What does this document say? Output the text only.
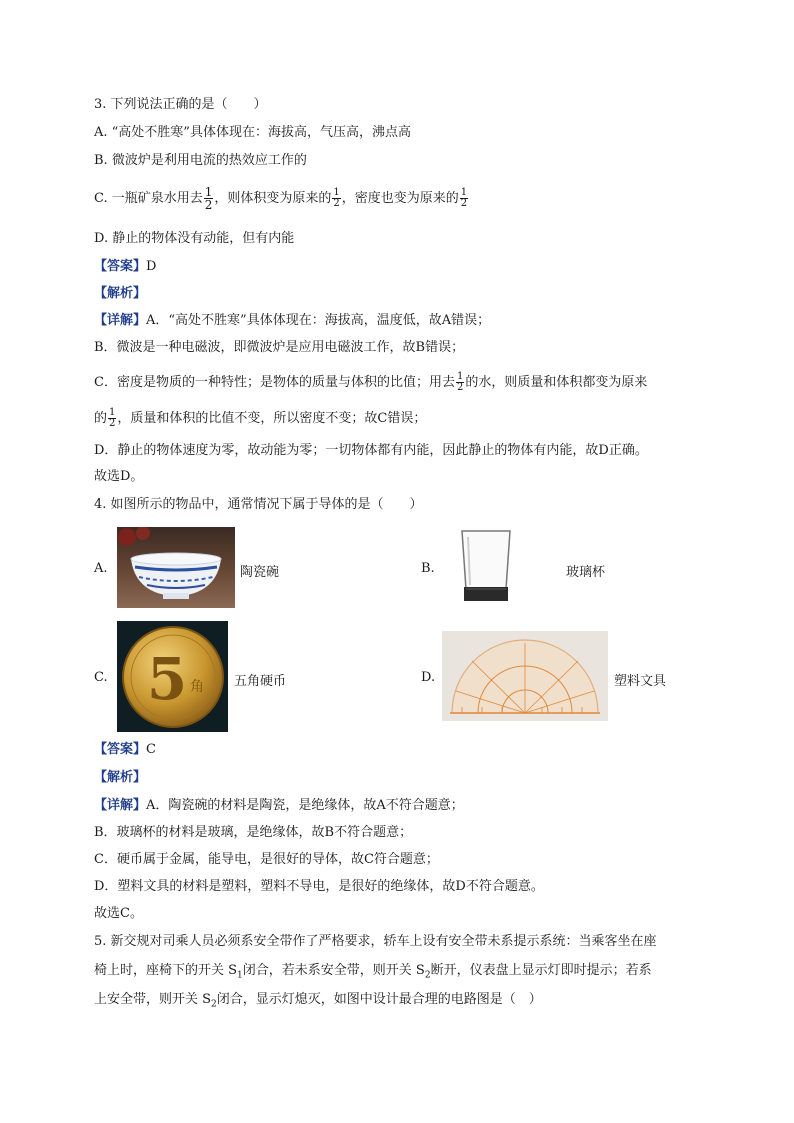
3. 下列说法正确的是（　　）
A. “高处不胜寒”具体体现在：海拔高，气压高，沸点高
B. 微波炉是利用电流的热效应工作的
C. 一瓶矿泉水用去 $\frac{1}{2}$ ，则体积变为原来的 $\frac{1}{2}$ ，密度也变为原来的 $\frac{1}{2}$
D. 静止的物体没有动能，但有内能
【答案】D
【解析】
【详解】A．“高处不胜寒”具体体现在：海拔高，温度低，故A错误；
B．微波是一种电磁波，即微波炉是应用电磁波工作，故B错误；
C．密度是物质的一种特性；是物体的质量与体积的比值；用去 $\frac{1}{2}$ 的水，则质量和体积都变为原来
的 $\frac{1}{2}$ ，质量和体积的比值不变，所以密度不变；故C错误；
D．静止的物体速度为零，故动能为零；一切物体都有内能，因此静止的物体有内能，故D正确。
故选D。
4. 如图所示的物品中，通常情况下属于导体的是（　　）
A.	陶瓷碗	B.	玻璃杯
C. 5 角 五角硬币	D.	塑料文具
【答案】C
【解析】
【详解】A．陶瓷碗的材料是陶瓷，是绝缘体，故A不符合题意；
B．玻璃杯的材料是玻璃，是绝缘体，故B不符合题意；
C．硬币属于金属，能导电，是很好的导体，故C符合题意；
D．塑料文具的材料是塑料，塑料不导电，是很好的绝缘体，故D不符合题意。
故选C。
5. 新交规对司乘人员必须系安全带作了严格要求，轿车上设有安全带未系提示系统：当乘客坐在座
椅上时，座椅下的开关 $S_1$闭合，若未系安全带，则开关 $S_2$断开，仪表盘上显示灯即时提示；若系
上安全带，则开关 $S_2$闭合，显示灯熄灭，如图中设计最合理的电路图是（　）
